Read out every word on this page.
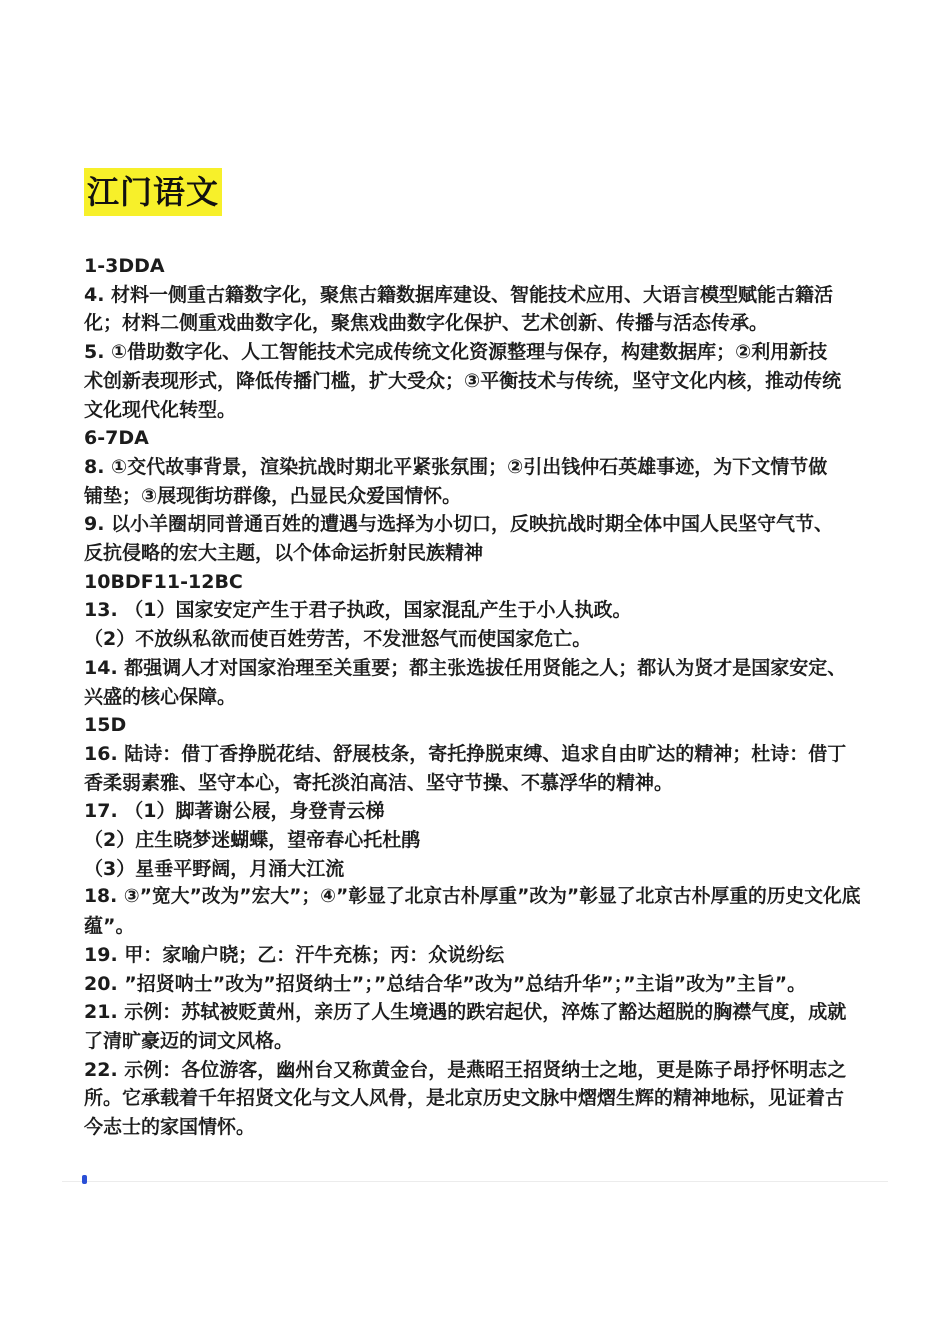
江门语文
1-3DDA
4. 材料一侧重古籍数字化，聚焦古籍数据库建设、智能技术应用、大语言模型赋能古籍活
化；材料二侧重戏曲数字化，聚焦戏曲数字化保护、艺术创新、传播与活态传承。
5. ①借助数字化、人工智能技术完成传统文化资源整理与保存，构建数据库；②利用新技
术创新表现形式，降低传播门槛，扩大受众；③平衡技术与传统，坚守文化内核，推动传统
文化现代化转型。
6-7DA
8. ①交代故事背景，渲染抗战时期北平紧张氛围；②引出钱仲石英雄事迹，为下文情节做
铺垫；③展现街坊群像，凸显民众爱国情怀。
9. 以小羊圈胡同普通百姓的遭遇与选择为小切口，反映抗战时期全体中国人民坚守气节、
反抗侵略的宏大主题，以个体命运折射民族精神
10BDF11-12BC
13. （1）国家安定产生于君子执政，国家混乱产生于小人执政。
（2）不放纵私欲而使百姓劳苦，不发泄怒气而使国家危亡。
14. 都强调人才对国家治理至关重要；都主张选拔任用贤能之人；都认为贤才是国家安定、
兴盛的核心保障。
15D
16. 陆诗：借丁香挣脱花结、舒展枝条，寄托挣脱束缚、追求自由旷达的精神；杜诗：借丁
香柔弱素雅、坚守本心，寄托淡泊高洁、坚守节操、不慕浮华的精神。
17. （1）脚著谢公屐，身登青云梯
（2）庄生晓梦迷蝴蝶，望帝春心托杜鹃
（3）星垂平野阔，月涌大江流
18. ③”宽大”改为”宏大”；④”彰显了北京古朴厚重”改为”彰显了北京古朴厚重的历史文化底
蕴”。
19. 甲：家喻户晓；乙：汗牛充栋；丙：众说纷纭
20. ”招贤呐士”改为”招贤纳士”；”总结合华”改为”总结升华”；”主诣”改为”主旨”。
21. 示例：苏轼被贬黄州，亲历了人生境遇的跌宕起伏，淬炼了豁达超脱的胸襟气度，成就
了清旷豪迈的词文风格。
22. 示例：各位游客，幽州台又称黄金台，是燕昭王招贤纳士之地，更是陈子昂抒怀明志之
所。它承载着千年招贤文化与文人风骨，是北京历史文脉中熠熠生辉的精神地标，见证着古
今志士的家国情怀。
